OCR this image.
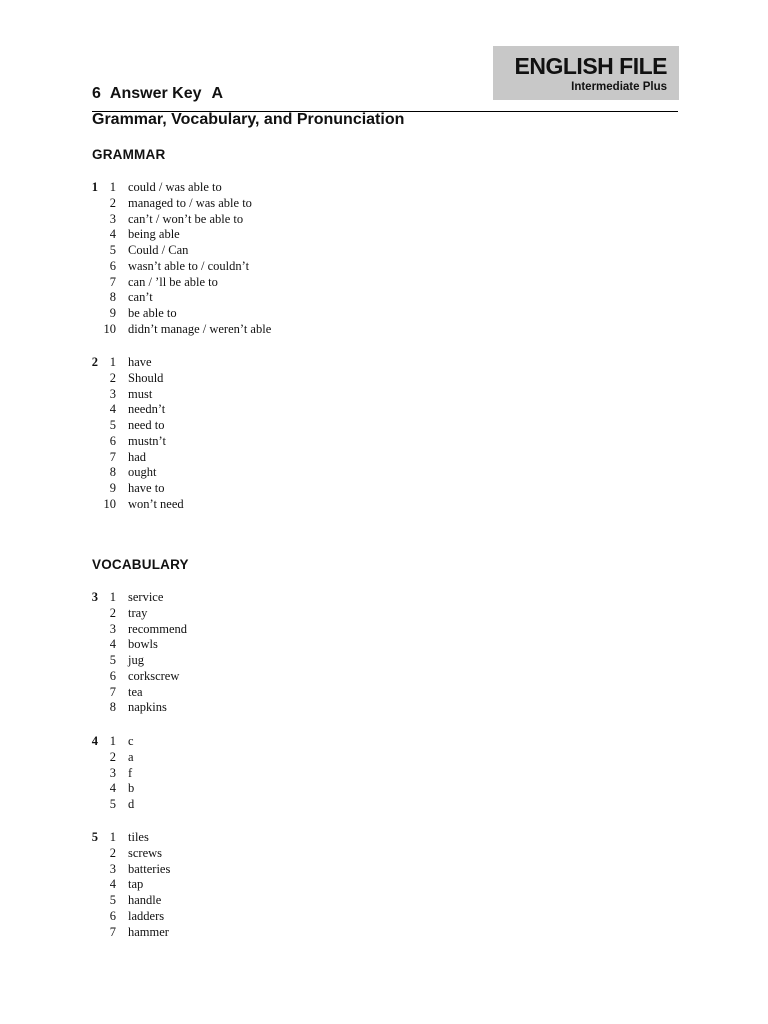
ENGLISH FILE
Intermediate Plus
6 Answer Key A
Grammar, Vocabulary, and Pronunciation
GRAMMAR
VOCABULARY
1 1 could / was able to
2 managed to / was able to
3 can’t / won’t be able to
4 being able
5 Could / Can
6 wasn’t able to / couldn’t
7 can / ’ll be able to
8 can’t
9 be able to
10 didn’t manage / weren’t able
2 1 have
2 Should
3 must
4 needn’t
5 need to
6 mustn’t
7 had
8 ought
9 have to
10 won’t need
3 1 service
2 tray
3 recommend
4 bowls
5 jug
6 corkscrew
7 tea
8 napkins
4 1 c
2 a
3 f
4 b
5 d
5 1 tiles
2 screws
3 batteries
4 tap
5 handle
6 ladders
7 hammer
